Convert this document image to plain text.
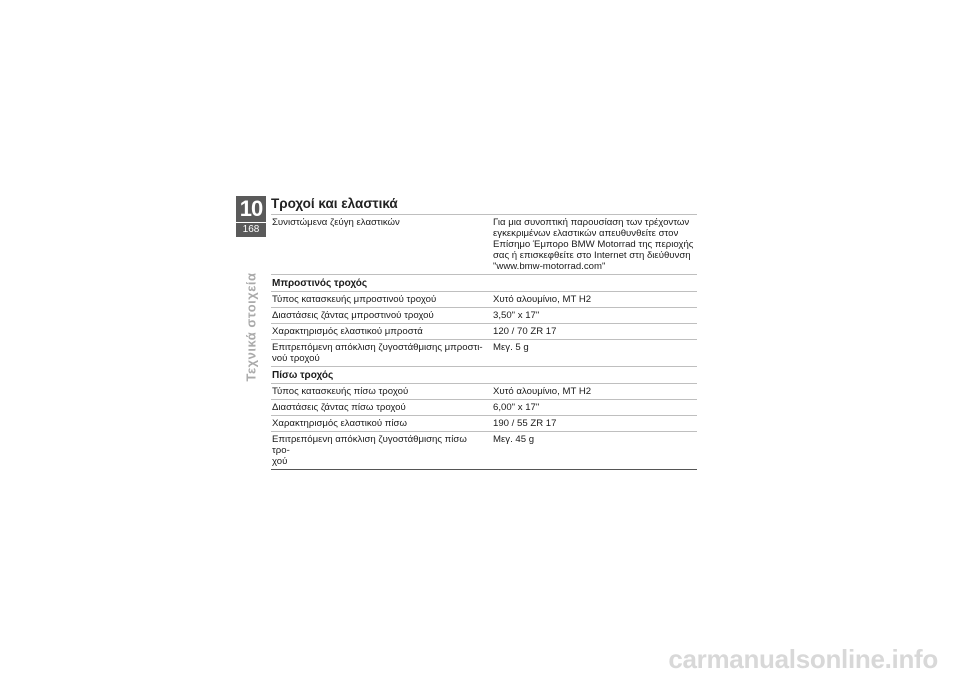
10
168
Τεχνικά στοιχεία
Τροχοί και ελαστικά
Συνιστώμενα ζεύγη ελαστικών	Για μια συνοπτική παρουσίαση των τρέχοντων
εγκεκριμένων ελαστικών απευθυνθείτε στον
Επίσημο Έμπορο BMW Motorrad της περιοχής
σας ή επισκεφθείτε στο Internet στη διεύθυνση
"www.bmw-motorrad.com"
Μπροστινός τροχός	
Τύπος κατασκευής μπροστινού τροχού	Χυτό αλουμίνιο, MT H2
Διαστάσεις ζάντας μπροστινού τροχού	3,50" x 17"
Χαρακτηρισμός ελαστικού μπροστά	120 / 70 ZR 17
Επιτρεπόμενη απόκλιση ζυγοστάθμισης μπροστι-
νού τροχού	Μεγ. 5 g
Πίσω τροχός	
Τύπος κατασκευής πίσω τροχού	Χυτό αλουμίνιο, MT H2
Διαστάσεις ζάντας πίσω τροχού	6,00" x 17"
Χαρακτηρισμός ελαστικού πίσω	190 / 55 ZR 17
Επιτρεπόμενη απόκλιση ζυγοστάθμισης πίσω τρο-
χού	Μεγ. 45 g
carmanualsonline.info
